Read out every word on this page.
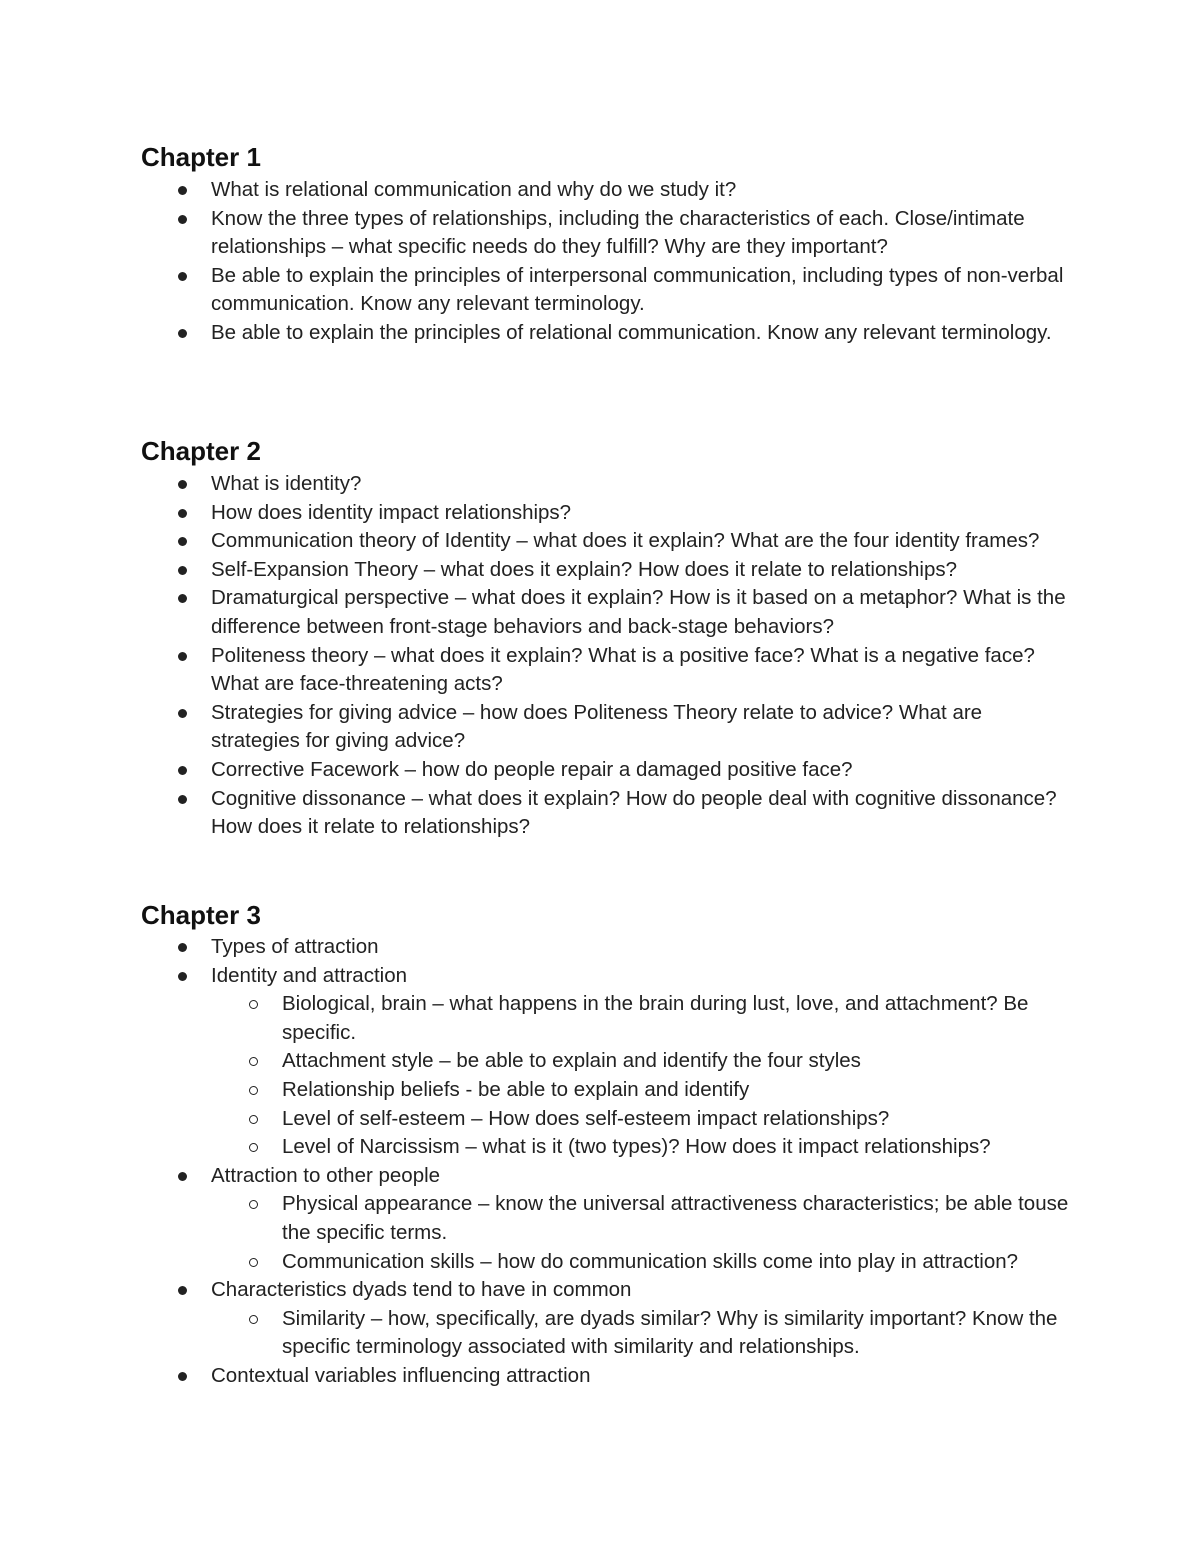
Chapter 1
What is relational communication and why do we study it?
Know the three types of relationships, including the characteristics of each. Close/intimate relationships – what specific needs do they fulfill? Why are they important?
Be able to explain the principles of interpersonal communication, including types of non-verbal communication. Know any relevant terminology.
Be able to explain the principles of relational communication. Know any relevant terminology.
Chapter 2
What is identity?
How does identity impact relationships?
Communication theory of Identity – what does it explain? What are the four identity frames?
Self-Expansion Theory – what does it explain? How does it relate to relationships?
Dramaturgical perspective – what does it explain? How is it based on a metaphor? What is the difference between front-stage behaviors and back-stage behaviors?
Politeness theory – what does it explain? What is a positive face? What is a negative face? What are face-threatening acts?
Strategies for giving advice – how does Politeness Theory relate to advice? What are strategies for giving advice?
Corrective Facework – how do people repair a damaged positive face?
Cognitive dissonance – what does it explain? How do people deal with cognitive dissonance? How does it relate to relationships?
Chapter 3
Types of attraction
Identity and attraction
Biological, brain – what happens in the brain during lust, love, and attachment? Be specific.
Attachment style – be able to explain and identify the four styles
Relationship beliefs - be able to explain and identify
Level of self-esteem – How does self-esteem impact relationships?
Level of Narcissism – what is it (two types)? How does it impact relationships?
Attraction to other people
Physical appearance – know the universal attractiveness characteristics; be able touse the specific terms.
Communication skills – how do communication skills come into play in attraction?
Characteristics dyads tend to have in common
Similarity – how, specifically, are dyads similar? Why is similarity important? Know the specific terminology associated with similarity and relationships.
Contextual variables influencing attraction
